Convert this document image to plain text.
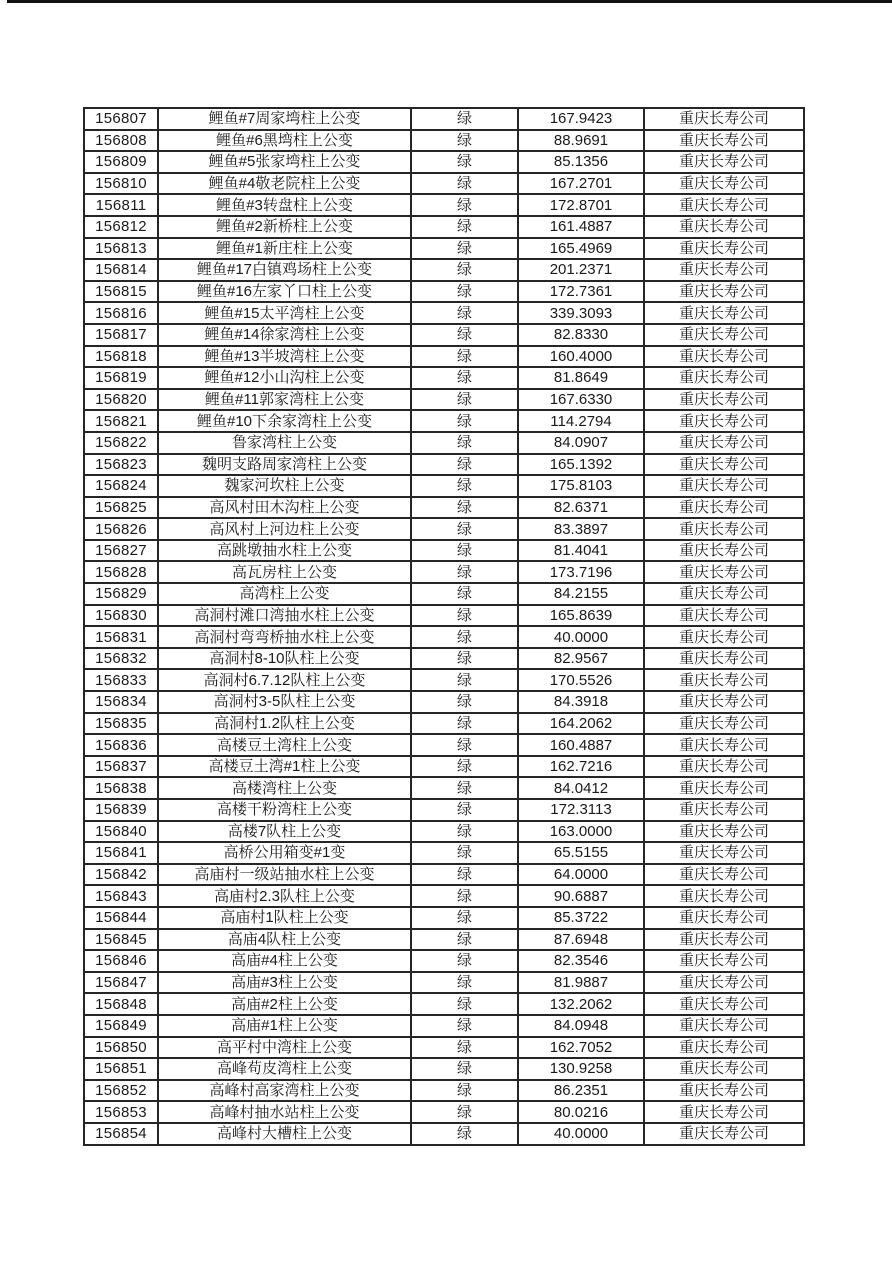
156807	鲤鱼#7周家塆柱上公变	绿	167.9423	重庆长寿公司
156808	鲤鱼#6黑塆柱上公变	绿	88.9691	重庆长寿公司
156809	鲤鱼#5张家塆柱上公变	绿	85.1356	重庆长寿公司
156810	鲤鱼#4敬老院柱上公变	绿	167.2701	重庆长寿公司
156811	鲤鱼#3转盘柱上公变	绿	172.8701	重庆长寿公司
156812	鲤鱼#2新桥柱上公变	绿	161.4887	重庆长寿公司
156813	鲤鱼#1新庄柱上公变	绿	165.4969	重庆长寿公司
156814	鲤鱼#17白镇鸡场柱上公变	绿	201.2371	重庆长寿公司
156815	鲤鱼#16左家丫口柱上公变	绿	172.7361	重庆长寿公司
156816	鲤鱼#15太平湾柱上公变	绿	339.3093	重庆长寿公司
156817	鲤鱼#14徐家湾柱上公变	绿	82.8330	重庆长寿公司
156818	鲤鱼#13半坡湾柱上公变	绿	160.4000	重庆长寿公司
156819	鲤鱼#12小山沟柱上公变	绿	81.8649	重庆长寿公司
156820	鲤鱼#11郭家湾柱上公变	绿	167.6330	重庆长寿公司
156821	鲤鱼#10下余家湾柱上公变	绿	114.2794	重庆长寿公司
156822	鲁家湾柱上公变	绿	84.0907	重庆长寿公司
156823	魏明支路周家湾柱上公变	绿	165.1392	重庆长寿公司
156824	魏家河坎柱上公变	绿	175.8103	重庆长寿公司
156825	高风村田木沟柱上公变	绿	82.6371	重庆长寿公司
156826	高风村上河边柱上公变	绿	83.3897	重庆长寿公司
156827	高跳墩抽水柱上公变	绿	81.4041	重庆长寿公司
156828	高瓦房柱上公变	绿	173.7196	重庆长寿公司
156829	高湾柱上公变	绿	84.2155	重庆长寿公司
156830	高洞村滩口湾抽水柱上公变	绿	165.8639	重庆长寿公司
156831	高洞村弯弯桥抽水柱上公变	绿	40.0000	重庆长寿公司
156832	高洞村8-10队柱上公变	绿	82.9567	重庆长寿公司
156833	高洞村6.7.12队柱上公变	绿	170.5526	重庆长寿公司
156834	高洞村3-5队柱上公变	绿	84.3918	重庆长寿公司
156835	高洞村1.2队柱上公变	绿	164.2062	重庆长寿公司
156836	高楼豆土湾柱上公变	绿	160.4887	重庆长寿公司
156837	高楼豆土湾#1柱上公变	绿	162.7216	重庆长寿公司
156838	高楼湾柱上公变	绿	84.0412	重庆长寿公司
156839	高楼干粉湾柱上公变	绿	172.3113	重庆长寿公司
156840	高楼7队柱上公变	绿	163.0000	重庆长寿公司
156841	高桥公用箱变#1变	绿	65.5155	重庆长寿公司
156842	高庙村一级站抽水柱上公变	绿	64.0000	重庆长寿公司
156843	高庙村2.3队柱上公变	绿	90.6887	重庆长寿公司
156844	高庙村1队柱上公变	绿	85.3722	重庆长寿公司
156845	高庙4队柱上公变	绿	87.6948	重庆长寿公司
156846	高庙#4柱上公变	绿	82.3546	重庆长寿公司
156847	高庙#3柱上公变	绿	81.9887	重庆长寿公司
156848	高庙#2柱上公变	绿	132.2062	重庆长寿公司
156849	高庙#1柱上公变	绿	84.0948	重庆长寿公司
156850	高平村中湾柱上公变	绿	162.7052	重庆长寿公司
156851	高峰苟皮湾柱上公变	绿	130.9258	重庆长寿公司
156852	高峰村高家湾柱上公变	绿	86.2351	重庆长寿公司
156853	高峰村抽水站柱上公变	绿	80.0216	重庆长寿公司
156854	高峰村大槽柱上公变	绿	40.0000	重庆长寿公司
